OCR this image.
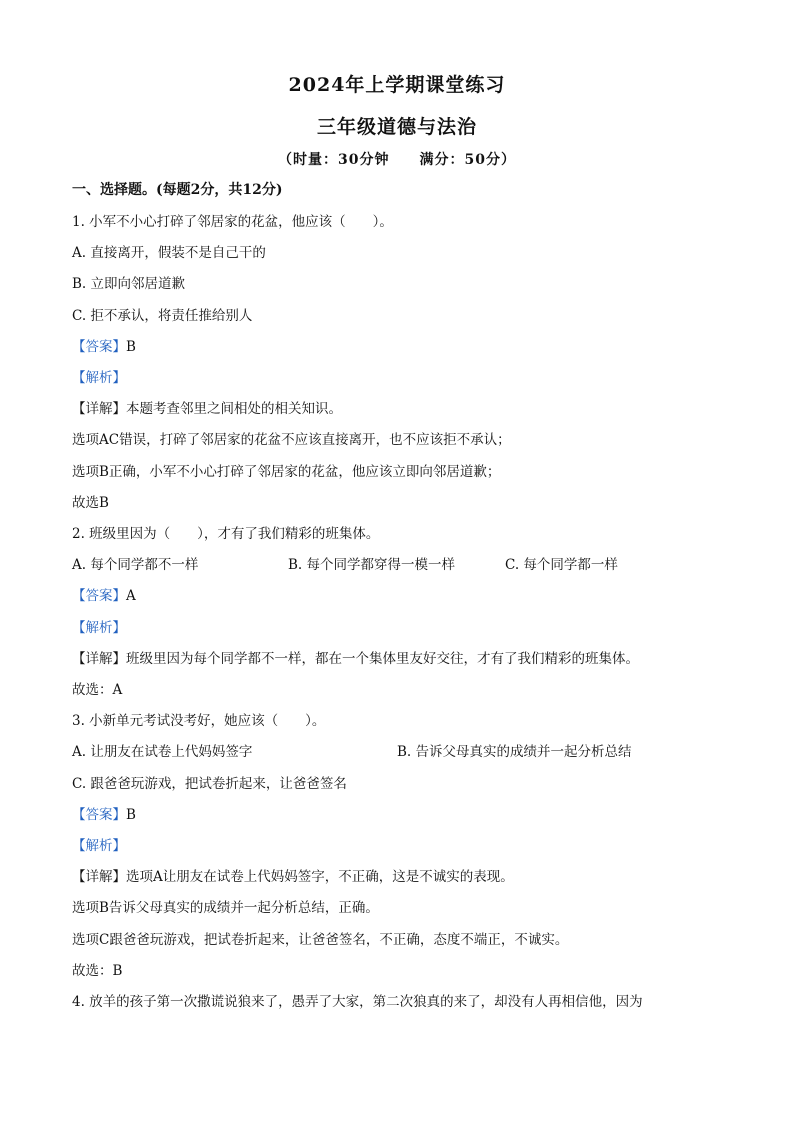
2024年上学期课堂练习
三年级道德与法治
（时量：30分钟 满分：50分）
一、选择题。(每题2分，共12分)
1. 小军不小心打碎了邻居家的花盆，他应该（　　）。
A. 直接离开，假装不是自己干的
B. 立即向邻居道歉
C. 拒不承认，将责任推给别人
【答案】B
【解析】
【详解】本题考查邻里之间相处的相关知识。
选项AC错误，打碎了邻居家的花盆不应该直接离开，也不应该拒不承认；
选项B正确，小军不小心打碎了邻居家的花盆，他应该立即向邻居道歉；
故选B
2. 班级里因为（　　），才有了我们精彩的班集体。
A. 每个同学都不一样	B. 每个同学都穿得一模一样	C. 每个同学都一样
【答案】A
【解析】
【详解】班级里因为每个同学都不一样，都在一个集体里友好交往，才有了我们精彩的班集体。
故选：A
3. 小新单元考试没考好，她应该（　　）。
A. 让朋友在试卷上代妈妈签字	B. 告诉父母真实的成绩并一起分析总结
C. 跟爸爸玩游戏，把试卷折起来，让爸爸签名
【答案】B
【解析】
【详解】选项A让朋友在试卷上代妈妈签字，不正确，这是不诚实的表现。
选项B告诉父母真实的成绩并一起分析总结，正确。
选项C跟爸爸玩游戏，把试卷折起来，让爸爸签名，不正确，态度不端正，不诚实。
故选：B
4. 放羊的孩子第一次撒谎说狼来了，愚弄了大家，第二次狼真的来了，却没有人再相信他，因为
